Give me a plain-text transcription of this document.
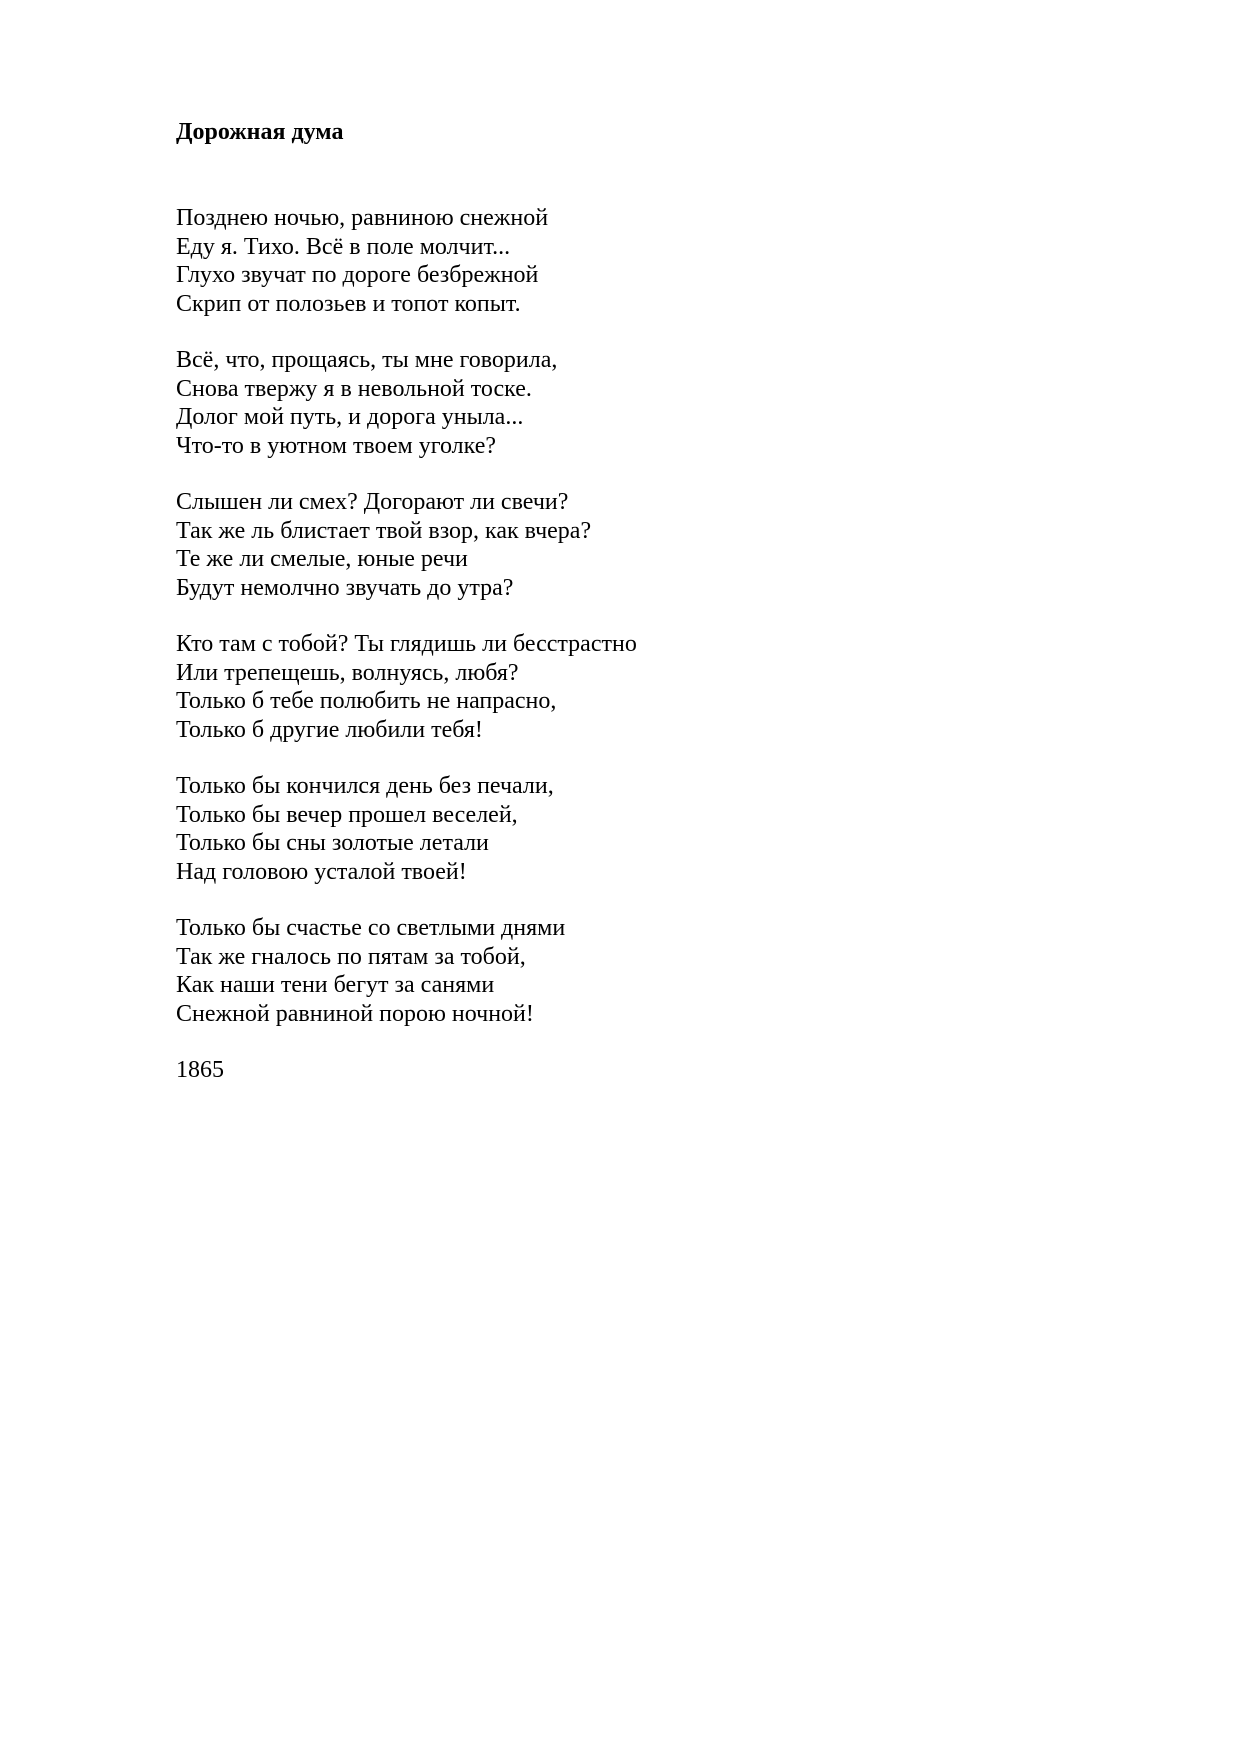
Дорожная дума
Позднею ночью, равниною снежной
Еду я. Тихо. Всё в поле молчит...
Глухо звучат по дороге безбрежной
Скрип от полозьев и топот копыт.
Всё, что, прощаясь, ты мне говорила,
Снова твержу я в невольной тоске.
Долог мой путь, и дорога уныла...
Что-то в уютном твоем уголке?
Слышен ли смех? Догорают ли свечи?
Так же ль блистает твой взор, как вчера?
Те же ли смелые, юные речи
Будут немолчно звучать до утра?
Кто там с тобой? Ты глядишь ли бесстрастно
Или трепещешь, волнуясь, любя?
Только б тебе полюбить не напрасно,
Только б другие любили тебя!
Только бы кончился день без печали,
Только бы вечер прошел веселей,
Только бы сны золотые летали
Над головою усталой твоей!
Только бы счастье со светлыми днями
Так же гналось по пятам за тобой,
Как наши тени бегут за санями
Снежной равниной порою ночной!
1865
